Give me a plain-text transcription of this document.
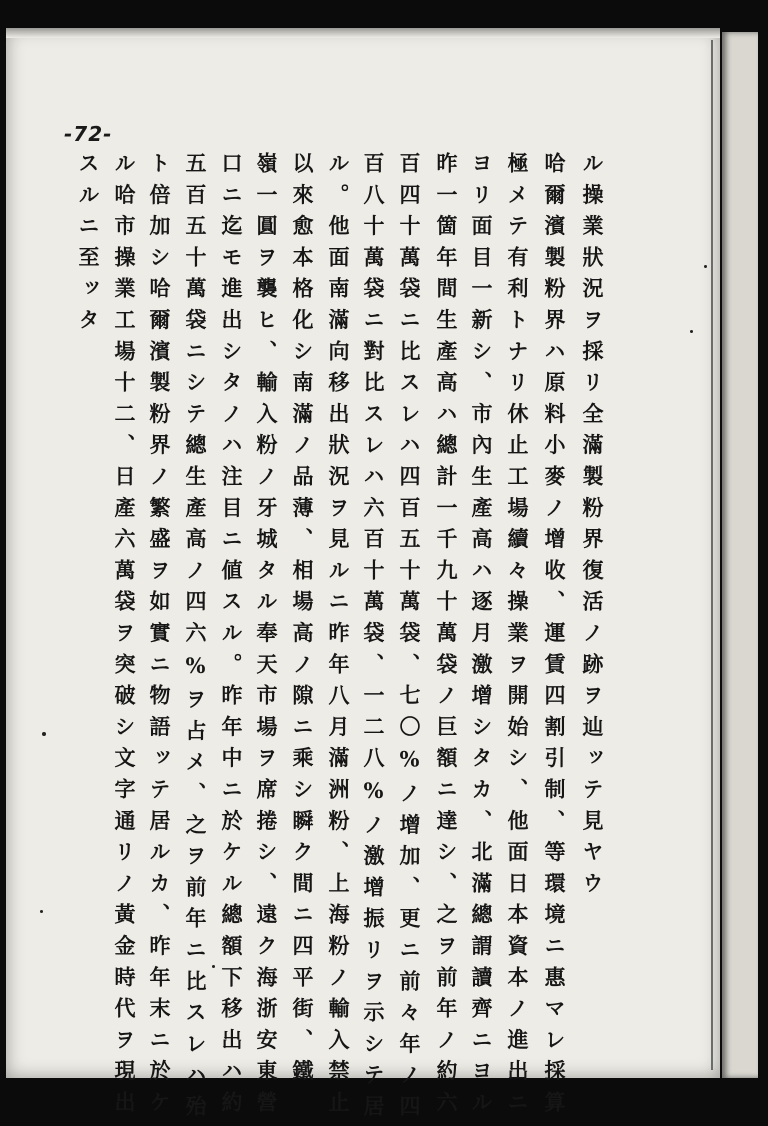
-72-
ル操業狀況ヲ採リ全滿製粉界復活ノ跡ヲ辿ッテ見ヤウ
哈爾濱製粉界ハ原料小麥ノ增收、運賃四割引制、等環境ニ惠マレ採算
極メテ有利トナリ休止工場續々操業ヲ開始シ、他面日本資本ノ進出ニ
ヨリ面目一新シ、市內生產高ハ逐月激增シタカ、北滿總謂讀齊ニヨル
昨一箇年間生產高ハ總計一千九十萬袋ノ巨額ニ達シ、之ヲ前年ノ約六
百四十萬袋ニ比スレハ四百五十萬袋、七〇%ノ增加、更ニ前々年ノ四
百八十萬袋ニ對比スレハ六百十萬袋、一二八%ノ激增振リヲ示シテ居
ル。他面南滿向移出狀況ヲ見ルニ昨年八月滿洲粉、上海粉ノ輸入禁止
以來愈本格化シ南滿ノ品薄、相場高ノ隙ニ乘シ瞬ク間ニ四平街、鐵
嶺一圓ヲ襲ヒ、輸入粉ノ牙城タル奉天市場ヲ席捲シ、遠ク海浙安東營
口ニ迄モ進出シタノハ注目ニ値スル。昨年中ニ於ケル總額下移出ハ約
五百五十萬袋ニシテ總生產高ノ四六%ヲ占メ、之ヲ前年ニ比スレハ殆
ト倍加シ哈爾濱製粉界ノ繁盛ヲ如實ニ物語ッテ居ルカ、昨年末ニ於ケ
ル哈市操業工場十二、日產六萬袋ヲ突破シ文字通リノ黃金時代ヲ現出
スルニ至ッタ
